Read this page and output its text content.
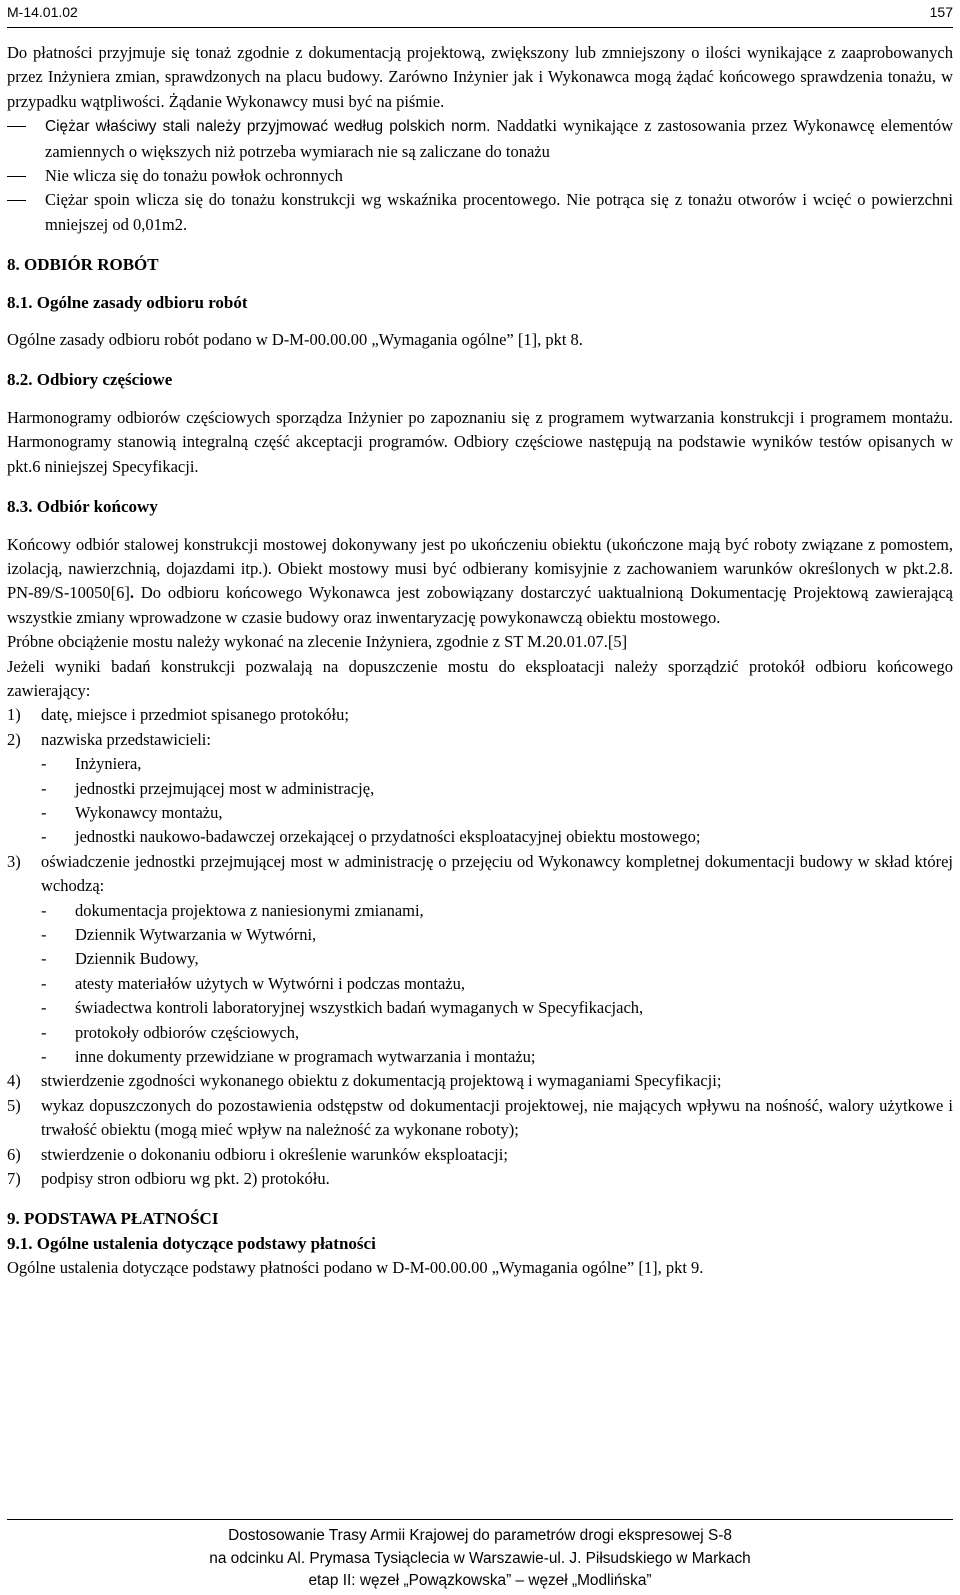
M-14.01.02	157

Do płatności przyjmuje się tonaż zgodnie z dokumentacją projektową, zwiększony lub zmniejszony o ilości wynikające z zaaprobowanych przez Inżyniera zmian, sprawdzonych na placu budowy. Zarówno Inżynier jak i Wykonawca mogą żądać końcowego sprawdzenia tonażu, w przypadku wątpliwości. Żądanie Wykonawcy musi być na piśmie.

Ciężar właściwy stali należy przyjmować według polskich norm. Naddatki wynikające z zastosowania przez Wykonawcę elementów zamiennych o większych niż potrzeba wymiarach nie są zaliczane do tonażu
Nie wlicza się do tonażu powłok ochronnych
Ciężar spoin wlicza się do tonażu konstrukcji wg wskaźnika procentowego. Nie potrąca się z tonażu otworów i wcięć o powierzchni mniejszej od 0,01m2.
8. ODBIÓR ROBÓT
8.1. Ogólne zasady odbioru robót

Ogólne zasady odbioru robót podano w D-M-00.00.00 „Wymagania ogólne” [1], pkt 8.

8.2. Odbiory częściowe

Harmonogramy odbiorów częściowych sporządza Inżynier po zapoznaniu się z programem wytwarzania konstrukcji i programem montażu. Harmonogramy stanowią integralną część akceptacji programów. Odbiory częściowe następują na podstawie wyników testów opisanych w pkt.6 niniejszej Specyfikacji.

8.3. Odbiór końcowy

Końcowy odbiór stalowej konstrukcji mostowej dokonywany jest po ukończeniu obiektu (ukończone mają być roboty związane z pomostem, izolacją, nawierzchnią, dojazdami itp.). Obiekt mostowy musi być odbierany komisyjnie z zachowaniem warunków określonych w pkt.2.8. PN-89/S-10050[6]. Do odbioru końcowego Wykonawca jest zobowiązany dostarczyć uaktualnioną Dokumentację Projektową zawierającą wszystkie zmiany wprowadzone w czasie budowy oraz inwentaryzację powykonawczą obiektu mostowego.

Próbne obciążenie mostu należy wykonać na zlecenie Inżyniera, zgodnie z ST M.20.01.07.[5]

Jeżeli wyniki badań konstrukcji pozwalają na dopuszczenie mostu do eksploatacji należy sporządzić protokół odbioru końcowego zawierający:

1)	datę, miejsce i przedmiot spisanego protokółu;
2)	nazwiska przedstawicieli:
-	Inżyniera,
-	jednostki przejmującej most w administrację,
-	Wykonawcy montażu,
-	jednostki naukowo-badawczej orzekającej o przydatności eksploatacyjnej obiektu mostowego;
3)	oświadczenie jednostki przejmującej most w administrację o przejęciu od Wykonawcy kompletnej dokumentacji budowy w skład której wchodzą:
-	dokumentacja projektowa z naniesionymi zmianami,
-	Dziennik Wytwarzania w Wytwórni,
-	Dziennik Budowy,
-	atesty materiałów użytych w Wytwórni i podczas montażu,
-	świadectwa kontroli laboratoryjnej wszystkich badań wymaganych w Specyfikacjach,
-	protokoły odbiorów częściowych,
-	inne dokumenty przewidziane w programach wytwarzania i montażu;
4)	stwierdzenie zgodności wykonanego obiektu z dokumentacją projektową i wymaganiami Specyfikacji;
5)	wykaz dopuszczonych do pozostawienia odstępstw od dokumentacji projektowej, nie mających wpływu na nośność, walory użytkowe i trwałość obiektu (mogą mieć wpływ na należność za wykonane roboty);
6)	stwierdzenie o dokonaniu odbioru i określenie warunków eksploatacji;
7)	podpisy stron odbioru wg pkt. 2) protokółu.
9. PODSTAWA PŁATNOŚCI
9.1. Ogólne ustalenia dotyczące podstawy płatności

Ogólne ustalenia dotyczące podstawy płatności podano w D-M-00.00.00 „Wymagania ogólne” [1], pkt 9.

Dostosowanie Trasy Armii Krajowej do parametrów drogi ekspresowej S-8
na odcinku Al. Prymasa Tysiąclecia w Warszawie-ul. J. Piłsudskiego w Markach
etap II: węzeł „Powązkowska” – węzeł „Modlińska”
